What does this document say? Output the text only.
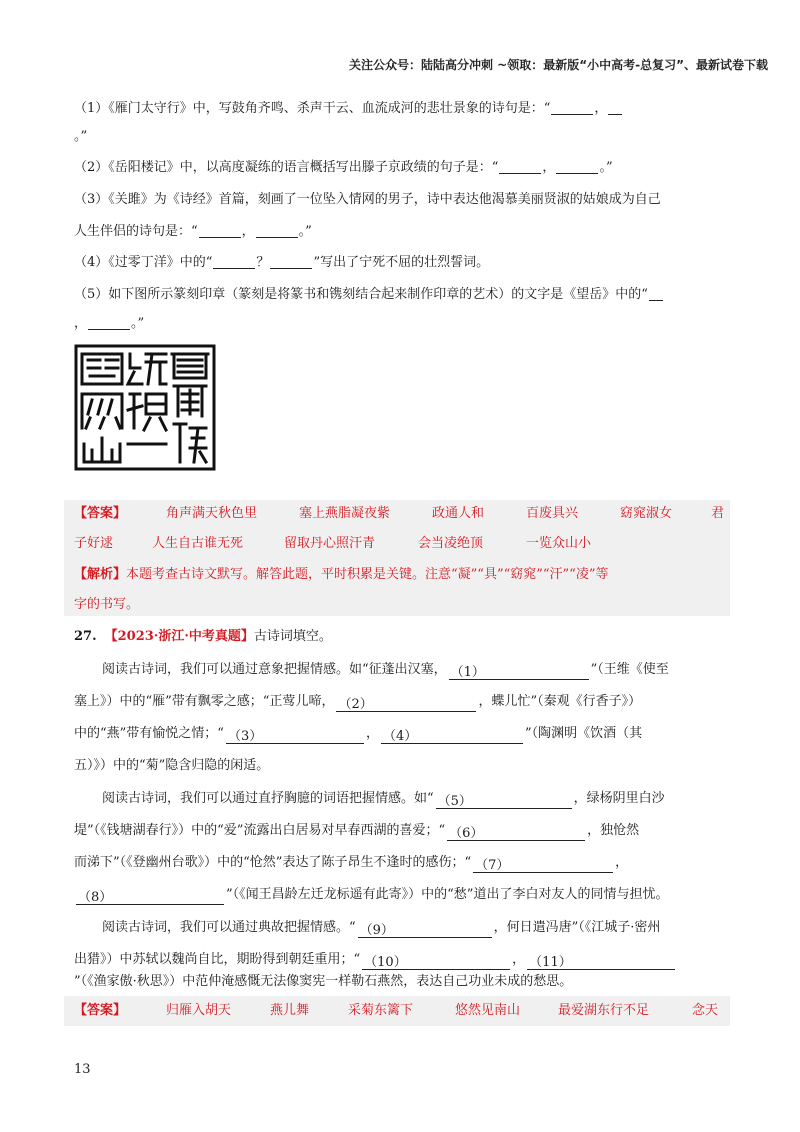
关注公众号：陆陆高分冲刺 ~领取：最新版“小中高考-总复习”、最新试卷下载
（1）《雁门太守行》中，写鼓角齐鸣、杀声干云、血流成河的悲壮景象的诗句是：“	，
。”
（2）《岳阳楼记》中，以高度凝练的语言概括写出滕子京政绩的句子是：“	，	。”
（3）《关雎》为《诗经》首篇，刻画了一位坠入情网的男子，诗中表达他渴慕美丽贤淑的姑娘成为自己
人生伴侣的诗句是：“	，	。”
（4）《过零丁洋》中的“	？	”写出了宁死不屈的壮烈誓词。
（5）如下图所示篆刻印章（篆刻是将篆书和镌刻结合起来制作印章的艺术）的文字是《望岳》中的“
，	。”
【答案】	角声满天秋色里	塞上燕脂凝夜紫	政通人和	百废具兴	窈窕淑女	君
子好逑	人生自古谁无死	留取丹心照汗青	会当凌绝顶	一览众山小
【解析】本题考查古诗文默写。解答此题，平时积累是关键。注意“凝”“具”“窈窕”“汗”“凌”等
字的书写。
27. 【2023·浙江·中考真题】古诗词填空。
阅读古诗词，我们可以通过意象把握情感。如“征蓬出汉塞， （1）	”（王维《使至
塞上》）中的“雁”带有飘零之感；“正莺儿啼， （2）	，蝶儿忙”（秦观《行香子》）
中的“燕”带有愉悦之情；“ （3）	， （4）	”（陶渊明《饮酒（其
五）》）中的“菊”隐含归隐的闲适。
阅读古诗词，我们可以通过直抒胸臆的词语把握情感。如“ （5）	，绿杨阴里白沙
堤”（《钱塘湖春行》）中的“爱”流露出白居易对早春西湖的喜爱；“ （6）	，独怆然
而涕下”（《登幽州台歌》）中的“怆然”表达了陈子昂生不逢时的感伤；“ （7）	，
（8）	”（《闻王昌龄左迁龙标遥有此寄》）中的“愁”道出了李白对友人的同情与担忧。
阅读古诗词，我们可以通过典故把握情感。“ （9）	，何日遣冯唐”（《江城子·密州
出猎》）中苏轼以魏尚自比，期盼得到朝廷重用；“ （10）	， （11）
”（《渔家傲·秋思》）中范仲淹感慨无法像窦宪一样勒石燕然，表达自己功业未成的愁思。
【答案】	归雁入胡天	燕儿舞	采菊东篱下	悠然见南山	最爱湖东行不足	念天
13
